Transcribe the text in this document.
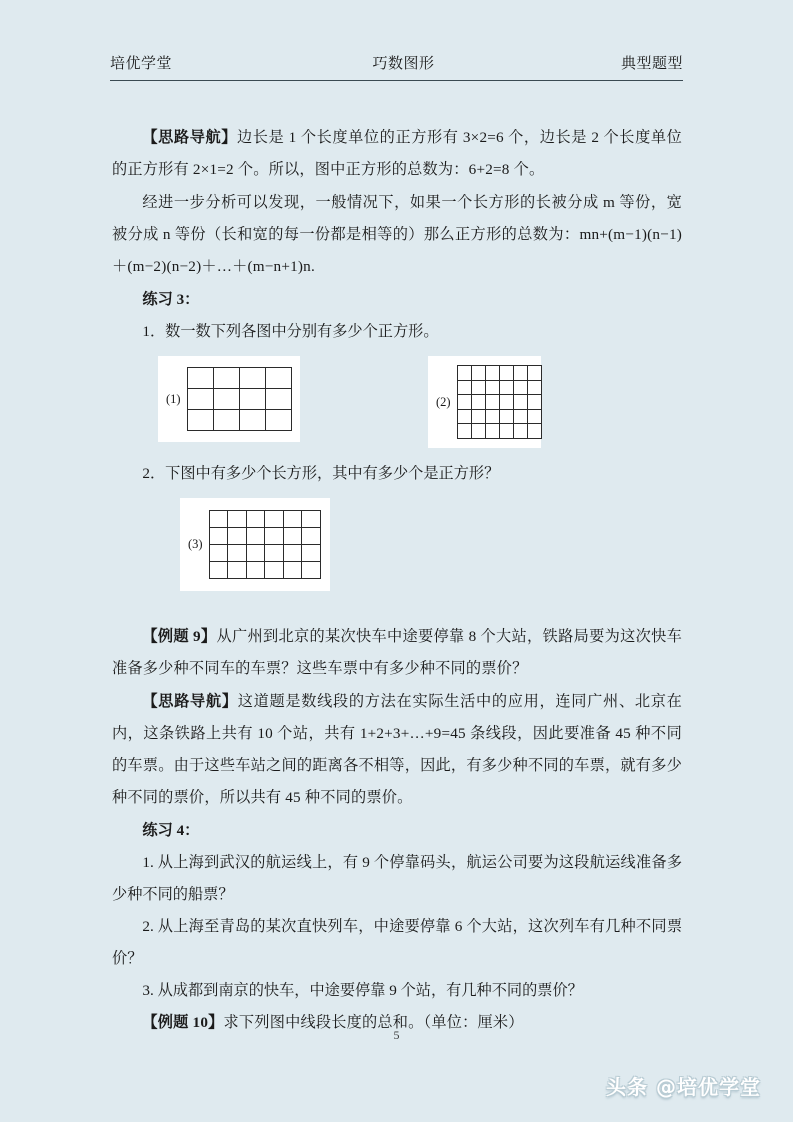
培优学堂	巧数图形	典型题型

【思路导航】边长是 1 个长度单位的正方形有 3×2=6 个，边长是 2 个长度单位的正方形有 2×1=2 个。所以，图中正方形的总数为：6+2=8 个。

经进一步分析可以发现，一般情况下，如果一个长方形的长被分成 m 等份，宽被分成 n 等份（长和宽的每一份都是相等的）那么正方形的总数为：mn+(m−1)(n−1)＋(m−2)(n−2)＋…＋(m−n+1)n.

练习 3：

1．数一数下列各图中分别有多少个正方形。

(1)	(2)

2．下图中有多少个长方形，其中有多少个是正方形？

(3)

【例题 9】从广州到北京的某次快车中途要停靠 8 个大站，铁路局要为这次快车准备多少种不同车的车票？这些车票中有多少种不同的票价？

【思路导航】这道题是数线段的方法在实际生活中的应用，连同广州、北京在内，这条铁路上共有 10 个站，共有 1+2+3+…+9=45 条线段，因此要准备 45 种不同的车票。由于这些车站之间的距离各不相等，因此，有多少种不同的车票，就有多少种不同的票价，所以共有 45 种不同的票价。

练习 4：

1. 从上海到武汉的航运线上，有 9 个停靠码头，航运公司要为这段航运线准备多少种不同的船票？

2. 从上海至青岛的某次直快列车，中途要停靠 6 个大站，这次列车有几种不同票价？

3. 从成都到南京的快车，中途要停靠 9 个站，有几种不同的票价？

【例题 10】求下列图中线段长度的总和。（单位：厘米）

5
头条 @培优学堂
